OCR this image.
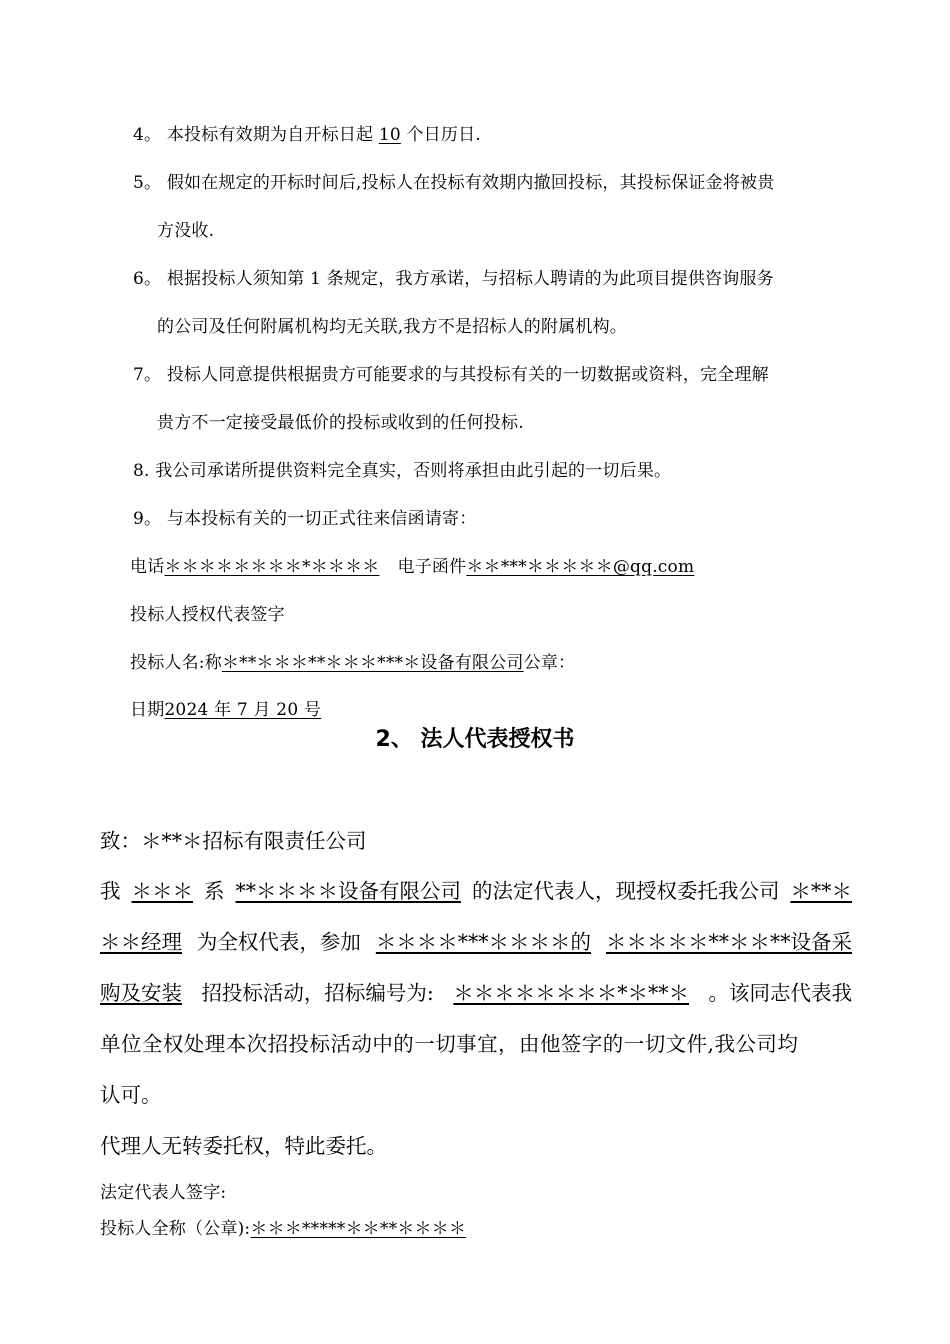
4。 本投标有效期为自开标日起 10 个日历日.
5。 假如在规定的开标时间后,投标人在投标有效期内撤回投标，其投标保证金将被贵
方没收.
6。 根据投标人须知第 1 条规定，我方承诺，与招标人聘请的为此项目提供咨询服务
的公司及任何附属机构均无关联,我方不是招标人的附属机构。
7。 投标人同意提供根据贵方可能要求的与其投标有关的一切数据或资料，完全理解
贵方不一定接受最低价的投标或收到的任何投标.
8. 我公司承诺所提供资料完全真实，否则将承担由此引起的一切后果。
9。 与本投标有关的一切正式往来信函请寄：
电话＊＊＊＊＊＊＊＊*＊＊＊＊ 电子函件＊＊***＊＊＊＊＊@qq.com
投标人授权代表签字
投标人名:称＊**＊＊＊**＊＊＊***＊设备有限公司公章：
日期2024 年 7 月 20 号
2、 法人代表授权书
致：＊**＊招标有限责任公司
我 ＊＊＊ 系 **＊＊＊＊设备有限公司 的法定代表人，现授权委托我公司 ＊**＊
＊＊经理 为全权代表，参加 ＊＊＊＊***＊＊＊＊的 ＊＊＊＊＊**＊＊**设备采
购及安装 招投标活动，招标编号为: ＊＊＊＊＊＊＊＊*＊**＊ 。该同志代表我
单位全权处理本次招投标活动中的一切事宜，由他签字的一切文件,我公司均
认可。
代理人无转委托权，特此委托。
法定代表人签字:
投标人全称（公章):＊＊＊*****＊＊**＊＊＊＊
